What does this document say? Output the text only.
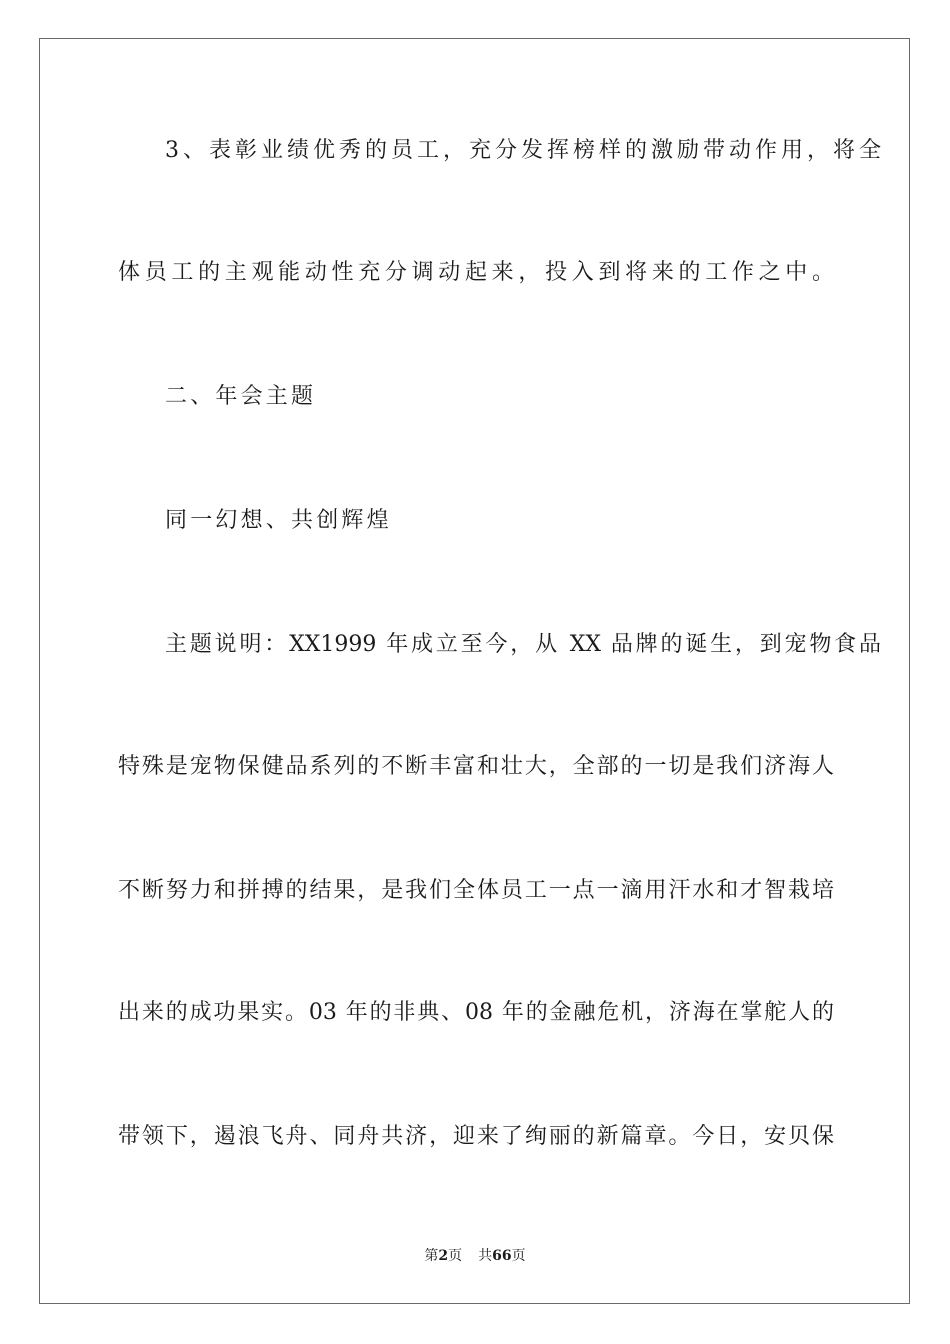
3、表彰业绩优秀的员工，充分发挥榜样的激励带动作用，将全
体员工的主观能动性充分调动起来，投入到将来的工作之中。
二、年会主题
同一幻想、共创辉煌
主题说明：XX1999 年成立至今，从 XX 品牌的诞生，到宠物食品
特殊是宠物保健品系列的不断丰富和壮大，全部的一切是我们济海人
不断努力和拼搏的结果，是我们全体员工一点一滴用汗水和才智栽培
出来的成功果实。03 年的非典、08 年的金融危机，济海在掌舵人的
带领下，遏浪飞舟、同舟共济，迎来了绚丽的新篇章。今日，安贝保
第2页 共66页
